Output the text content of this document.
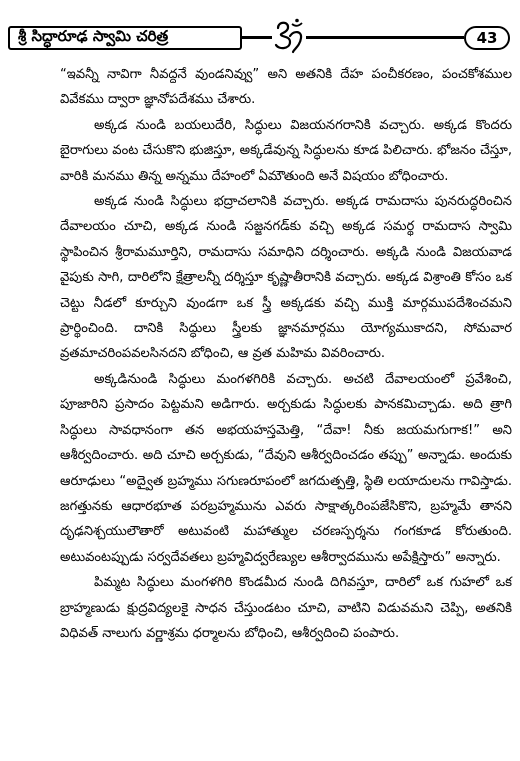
శ్రీ సిద్ధారూఢ స్వామి చరిత్ర	43

“ఇవన్నీ నావిగా నీవద్దనే వుండనివ్వు” అని అతనికి దేహ పంచీకరణం, పంచకోశముల వివేకము ద్వారా జ్ఞానోపదేశము చేశారు.

అక్కడ నుండి బయలుదేరి, సిద్ధులు విజయనగరానికి వచ్చారు. అక్కడ కొందరు బైరాగులు వంట చేసుకొని భుజిస్తూ, అక్కడేవున్న సిద్ధులను కూడ పిలిచారు. భోజనం చేస్తూ, వారికి మనము తిన్న అన్నము దేహంలో ఏమౌతుంది అనే విషయం బోధించారు.

అక్కడ నుండి సిద్ధులు భద్రాచలానికి వచ్చారు. అక్కడ రామదాసు పునరుద్ధరించిన దేవాలయం చూచి, అక్కడ నుండి సజ్జనగడ్‌కు వచ్చి అక్కడ సమర్థ రామదాస స్వామి స్థాపించిన శ్రీరామమూర్తిని, రామదాసు సమాధిని దర్శించారు. అక్కడి నుండి విజయవాడ వైపుకు సాగి, దారిలోని క్షేత్రాలన్నీ దర్శిస్తూ కృష్ణాతీరానికి వచ్చారు. అక్కడ విశ్రాంతి కోసం ఒక చెట్టు నీడలో కూర్చుని వుండగా ఒక స్త్రీ అక్కడకు వచ్చి ముక్తి మార్గముపదేశించమని ప్రార్థించింది. దానికి సిద్ధులు స్త్రీలకు జ్ఞానమార్గము యోగ్యముకాదని, సోమవార వ్రతమాచరింపవలసినదని బోధించి, ఆ వ్రత మహిమ వివరించారు.

అక్కడినుండి సిద్ధులు మంగళగిరికి వచ్చారు. అచటి దేవాలయంలో ప్రవేశించి, పూజారిని ప్రసాదం పెట్టమని అడిగారు. అర్చకుడు సిద్ధులకు పానకమిచ్చాడు. అది త్రాగి సిద్ధులు సావధానంగా తన అభయహస్తమెత్తి, “దేవా! నీకు జయమగుగాక!” అని ఆశీర్వదించారు. అది చూచి అర్చకుడు, “దేవుని ఆశీర్వదించడం తప్పు” అన్నాడు. అందుకు ఆరూఢులు “అద్వైత బ్రహ్మము సగుణరూపంలో జగదుత్పత్తి, స్థితి లయాదులను గావిస్తాడు. జగత్తునకు ఆధారభూత పరబ్రహ్మమును ఎవరు సాక్షాత్కరింపజేసికొని, బ్రహ్మమే తానని దృఢనిశ్చయులౌతారో అటువంటి మహాత్ముల చరణస్పర్శను గంగకూడ కోరుతుంది. అటువంటప్పుడు సర్వదేవతలు బ్రహ్మవిద్వరేణ్యుల ఆశీర్వాదమును అపేక్షిస్తారు” అన్నారు.

పిమ్మట సిద్ధులు మంగళగిరి కొండమీద నుండి దిగివస్తూ, దారిలో ఒక గుహలో ఒక బ్రాహ్మణుడు క్షుద్రవిద్యలకై సాధన చేస్తుండటం చూచి, వాటిని విడువమని చెప్పి, అతనికి విధివత్ నాలుగు వర్ణాశ్రమ ధర్మాలను బోధించి, ఆశీర్వదించి పంపారు.
